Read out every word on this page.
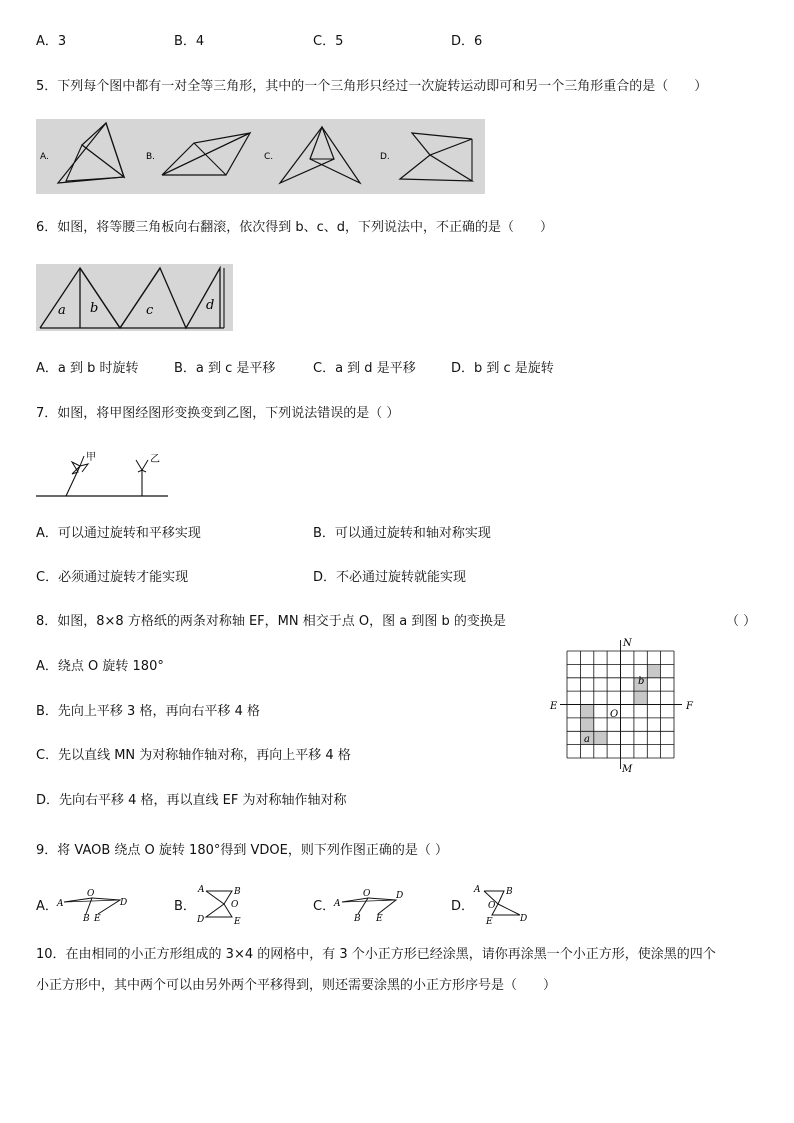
A．3	B．4	C．5	D．6
5．下列每个图中都有一对全等三角形，其中的一个三角形只经过一次旋转运动即可和另一个三角形重合的是（　　）
A.	B.	C.	D.
6．如图，将等腰三角板向右翻滚，依次得到 b、c、d，下列说法中，不正确的是（　　）
a b	c	d
A．a 到 b 时旋转	B．a 到 c 是平移	C．a 到 d 是平移	D．b 到 c 是旋转
7．如图，将甲图经图形变换变到乙图，下列说法错误的是（ ）
甲	乙
A．可以通过旋转和平移实现	B．可以通过旋转和轴对称实现
C．必须通过旋转才能实现	D．不必通过旋转就能实现
8．如图，8×8 方格纸的两条对称轴 EF，MN 相交于点 O，图 a 到图 b 的变换是	（ ）
A．绕点 O 旋转 180°
B．先向上平移 3 格，再向右平移 4 格
C．先以直线 MN 为对称轴作轴对称，再向上平移 4 格
D．先向右平移 4 格，再以直线 EF 为对称轴作轴对称
N
E	F
M
O
a
b
9．将 VAOB 绕点 O 旋转 180°得到 VDOE，则下列作图正确的是（ ）
A． A
O
D
B E
B．
A	B
O
D	E
C．
A
O	D
B E
D．
A	B
O
E	D
10．在由相同的小正方形组成的 3×4 的网格中，有 3 个小正方形已经涂黑，请你再涂黑一个小正方形，使涂黑的四个
小正方形中，其中两个可以由另外两个平移得到，则还需要涂黑的小正方形序号是（　　）
